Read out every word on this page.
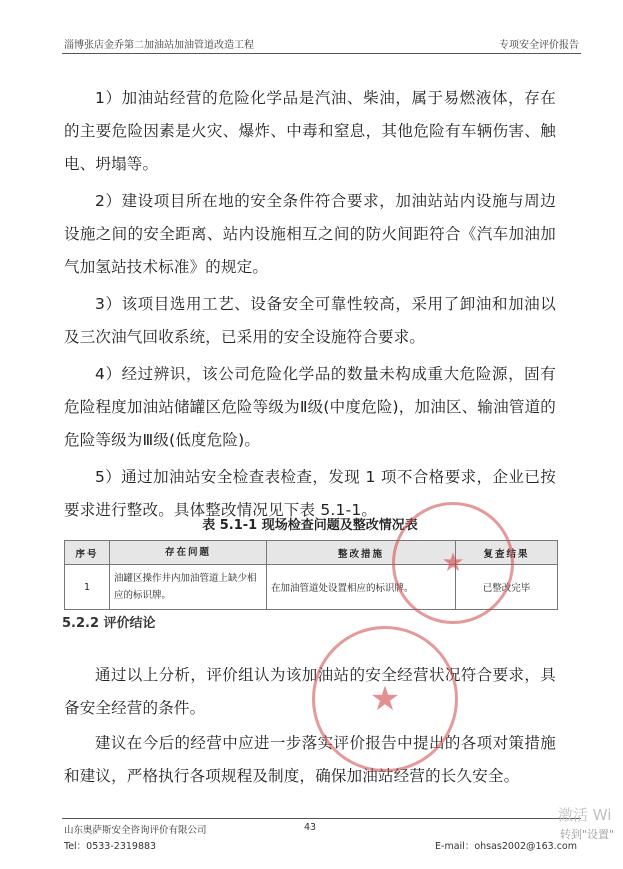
淄博张店金乔第二加油站加油管道改造工程	专项安全评价报告

1）加油站经营的危险化学品是汽油、柴油，属于易燃液体，存在的主要危险因素是火灾、爆炸、中毒和窒息，其他危险有车辆伤害、触电、坍塌等。

2）建设项目所在地的安全条件符合要求，加油站站内设施与周边设施之间的安全距离、站内设施相互之间的防火间距符合《汽车加油加气加氢站技术标准》的规定。

3）该项目选用工艺、设备安全可靠性较高，采用了卸油和加油以及三次油气回收系统，已采用的安全设施符合要求。

4）经过辨识，该公司危险化学品的数量未构成重大危险源，固有危险程度加油站储罐区危险等级为Ⅱ级(中度危险)，加油区、输油管道的危险等级为Ⅲ级(低度危险)。

5）通过加油站安全检查表检查，发现 1 项不合格要求，企业已按要求进行整改。具体整改情况见下表 5.1-1。

表 5.1-1 现场检查问题及整改情况表
序号	存在问题	整改措施	复查结果
1	油罐区操作井内加油管道上缺少相应的标识牌。	在加油管道处设置相应的标识牌。	已整改完毕
★
5.2.2 评价结论

通过以上分析，评价组认为该加油站的安全经营状况符合要求，具备安全经营的条件。

建议在今后的经营中应进一步落实评价报告中提出的各项对策措施和建议，严格执行各项规程及制度，确保加油站经营的长久安全。

★
山东奥萨斯安全咨询评价有限公司
Tel：0533-2319883
43
E-mail：ohsas2002@163.com
激活 Wi
转到"设置"
